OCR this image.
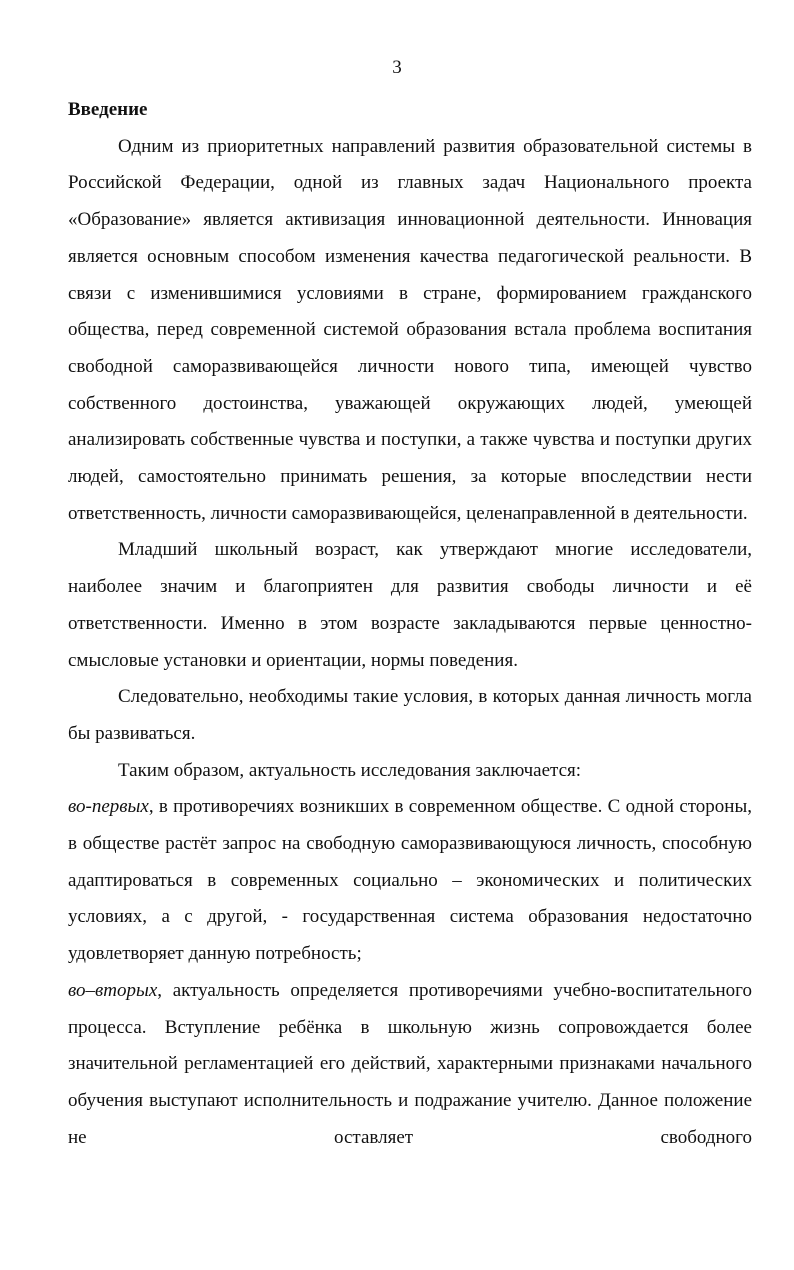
3
Введение

Одним из приоритетных направлений развития образовательной системы в Российской Федерации, одной из главных задач Национального проекта «Образование» является активизация инновационной деятельности. Инновация является основным способом изменения качества педагогической реальности. В связи с изменившимися условиями в стране, формированием гражданского общества, перед современной системой образования встала проблема воспитания свободной саморазвивающейся личности нового типа, имеющей чувство собственного достоинства, уважающей окружающих людей, умеющей анализировать собственные чувства и поступки, а также чувства и поступки других людей, самостоятельно принимать решения, за которые впоследствии нести ответственность, личности саморазвивающейся, целенаправленной в деятельности.

Младший школьный возраст, как утверждают многие исследователи, наиболее значим и благоприятен для развития свободы личности и её ответственности. Именно в этом возрасте закладываются первые ценностно-смысловые установки и ориентации, нормы поведения.

Следовательно, необходимы такие условия, в которых данная личность могла бы развиваться.

Таким образом, актуальность исследования заключается:

во-первых, в противоречиях возникших в современном обществе. С одной стороны, в обществе растёт запрос на свободную саморазвивающуюся личность, способную адаптироваться в современных социально – экономических и политических условиях, а с другой, - государственная система образования недостаточно удовлетворяет данную потребность;

во–вторых, актуальность определяется противоречиями учебно-воспитательного процесса. Вступление ребёнка в школьную жизнь сопровождается более значительной регламентацией его действий, характерными признаками начального обучения выступают исполнительность и подражание учителю. Данное положение не оставляет свободного
